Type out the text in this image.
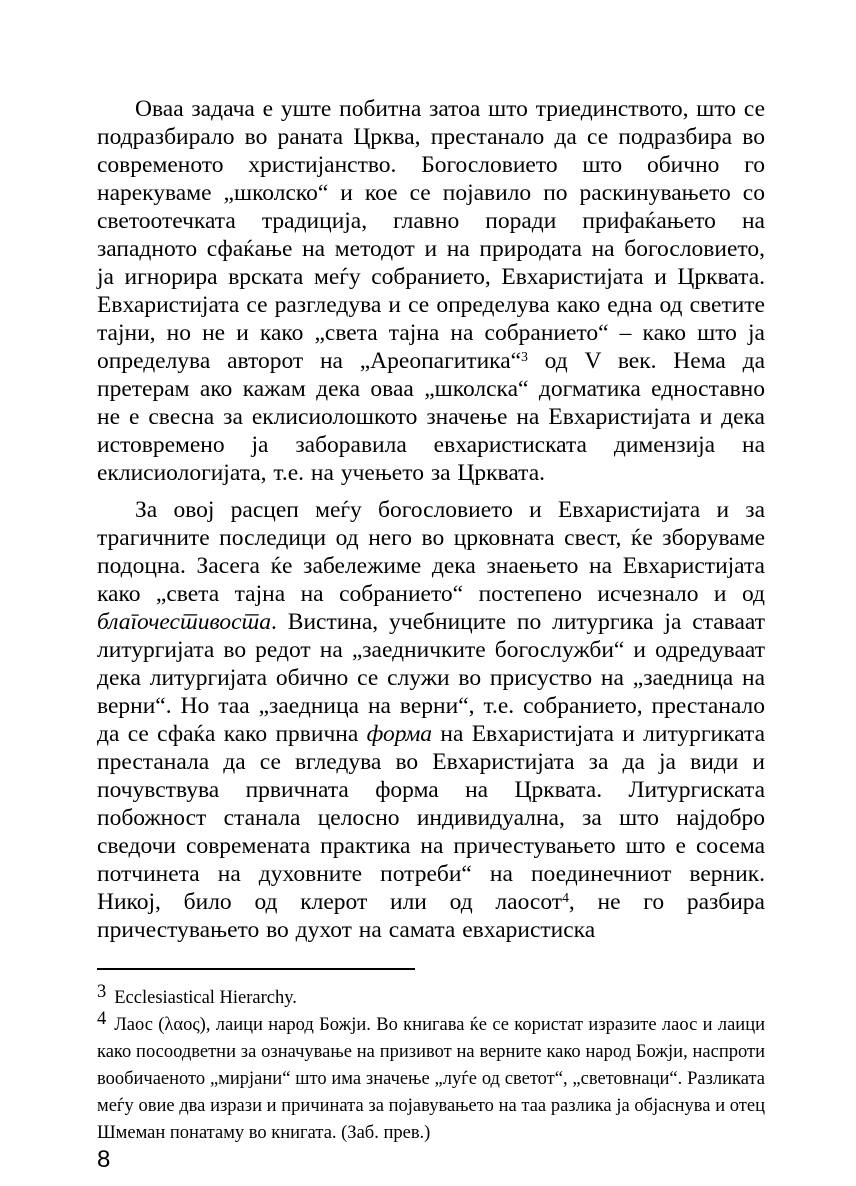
Оваа задача е уште побитна затоа што триединството, што се подразбирало во раната Црква, престанало да се подразбира во современото христијанство. Богословието што обично го нарекуваме „школско“ и кое се појавило по раскинувањето со светоотечката традиција, главно поради прифаќањето на западното сфаќање на методот и на природата на богословието, ја игнорира врската меѓу собранието, Евхаристијата и Црквата. Евхаристијата се разгледува и се определува како една од светите тајни, но не и како „света тајна на собранието“ – како што ја определува авторот на „Ареопагитика“$^3$ од V век. Нема да претерам ако кажам дека оваа „школска“ догматика едноставно не е свесна за еклисиолошкото значење на Евхаристијата и дека истовремено ја заборавила евхаристиската димензија на еклисиологијата, т.е. на учењето за Црквата.

За овој расцеп меѓу богословието и Евхаристијата и за трагичните последици од него во црковната свест, ќе зборуваме подоцна. Засега ќе забележиме дека знаењето на Евхаристијата како „света тајна на собранието“ постепено исчезнало и од благочестивоста. Вистина, учебниците по литургика ја ставаат литургијата во редот на „заедничките богослужби“ и одредуваат дека литургијата обично се служи во присуство на „заедница на верни“. Но таа „заедница на верни“, т.е. собранието, престанало да се сфаќа како првична форма на Евхаристијата и литургиката престанала да се вгледува во Евхаристијата за да ја види и почувствува првичната форма на Црквата. Литургиската побожност станала целосно индивидуална, за што најдобро сведочи современата практика на причестувањето што е сосема потчинета на духовните потреби“ на поединечниот верник. Никој, било од клерот или од лаосот$^4$, не го разбира причестувањето во духот на самата евхаристиска

3 Ecclesiastical Hierarchy.

4 Лаос (λαος), лаици народ Божји. Во книгава ќе се користат изразите лаос и лаици како посоодветни за означување на призивот на верните како народ Божји, наспроти вообичаеното „мирјани“ што има значење „луѓе од светот“, „световнаци“. Разликата меѓу овие два изрази и причината за појавувањето на таа разлика ја објаснува и отец Шмеман понатаму во книгата. (Заб. прев.)

8
